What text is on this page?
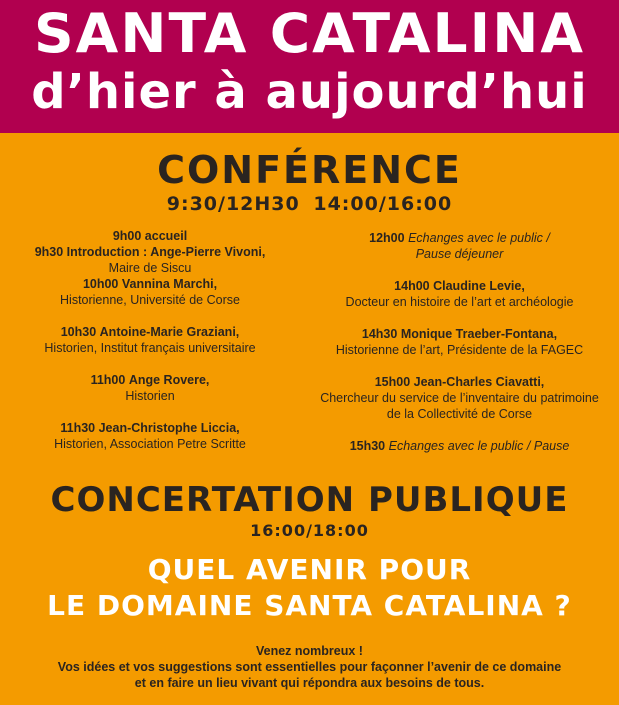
SANTA CATALINA
d’hier à aujourd’hui
CONFÉRENCE
9:30/12H30 14:00/16:00
9h00 accueil
9h30 Introduction : Ange-Pierre Vivoni,
Maire de Siscu
10h00 Vannina Marchi,
Historienne, Université de Corse
10h30 Antoine-Marie Graziani,
Historien, Institut français universitaire
11h00 Ange Rovere,
Historien
11h30 Jean-Christophe Liccia,
Historien, Association Petre Scritte
12h00 Echanges avec le public /
Pause déjeuner
14h00 Claudine Levie,
Docteur en histoire de l’art et archéologie
14h30 Monique Traeber-Fontana,
Historienne de l’art, Présidente de la FAGEC
15h00 Jean-Charles Ciavatti,
Chercheur du service de l’inventaire du patrimoine
de la Collectivité de Corse
15h30 Echanges avec le public / Pause
CONCERTATION PUBLIQUE
16:00/18:00
QUEL AVENIR POUR
LE DOMAINE SANTA CATALINA ?
Venez nombreux !
Vos idées et vos suggestions sont essentielles pour façonner l’avenir de ce domaine
et en faire un lieu vivant qui répondra aux besoins de tous.
